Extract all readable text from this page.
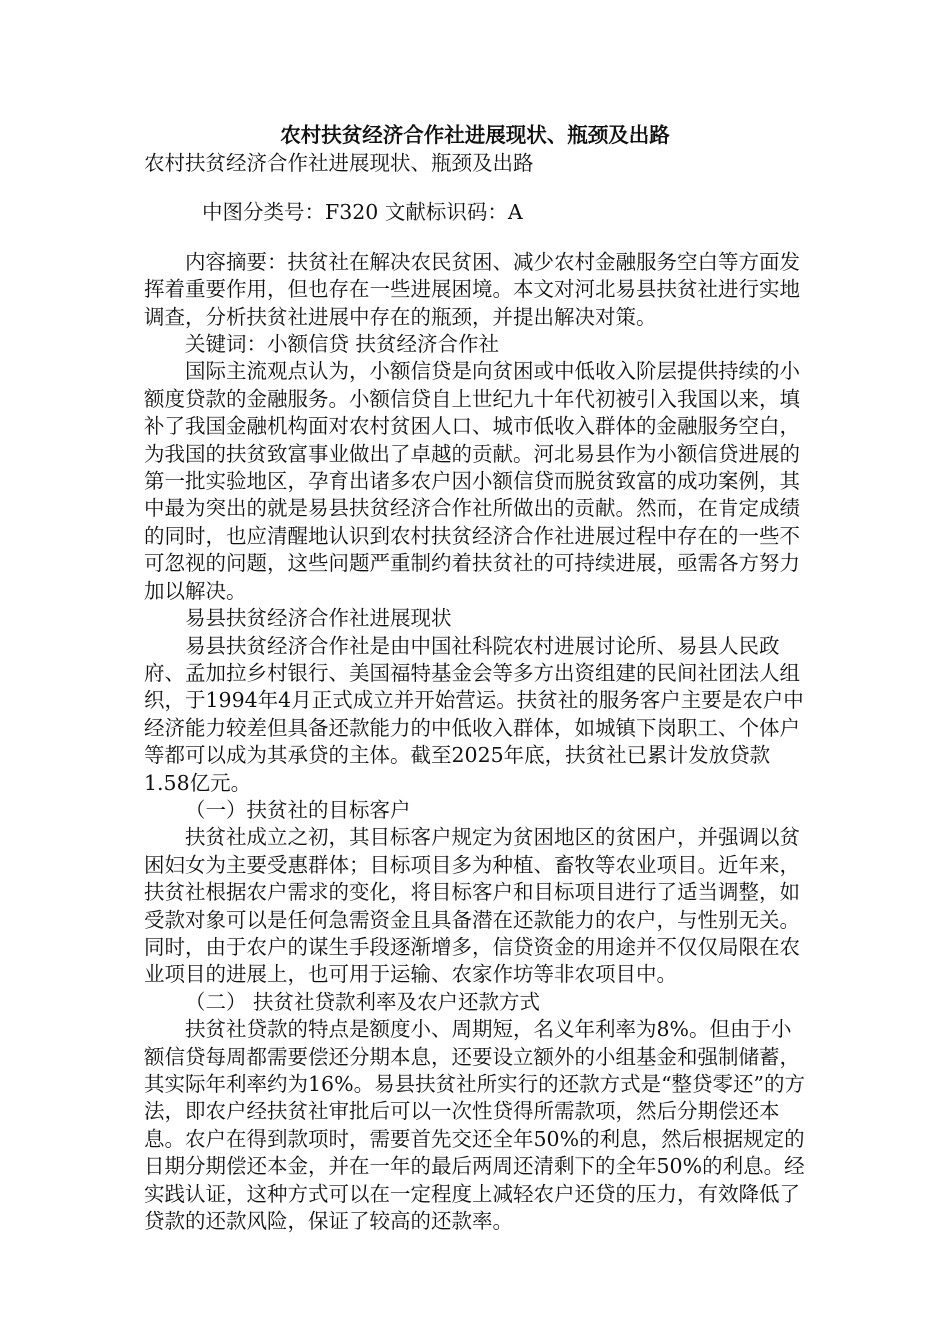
农村扶贫经济合作社进展现状、瓶颈及出路

农村扶贫经济合作社进展现状、瓶颈及出路

中图分类号：F320 文献标识码：A

内容摘要：扶贫社在解决农民贫困、减少农村金融服务空白等方面发挥着重要作用，但也存在一些进展困境。本文对河北易县扶贫社进行实地调查，分析扶贫社进展中存在的瓶颈，并提出解决对策。

关键词：小额信贷 扶贫经济合作社

国际主流观点认为，小额信贷是向贫困或中低收入阶层提供持续的小额度贷款的金融服务。小额信贷自上世纪九十年代初被引入我国以来，填补了我国金融机构面对农村贫困人口、城市低收入群体的金融服务空白，为我国的扶贫致富事业做出了卓越的贡献。河北易县作为小额信贷进展的第一批实验地区，孕育出诸多农户因小额信贷而脱贫致富的成功案例，其中最为突出的就是易县扶贫经济合作社所做出的贡献。然而，在肯定成绩的同时，也应清醒地认识到农村扶贫经济合作社进展过程中存在的一些不可忽视的问题，这些问题严重制约着扶贫社的可持续进展，亟需各方努力加以解决。

易县扶贫经济合作社进展现状

易县扶贫经济合作社是由中国社科院农村进展讨论所、易县人民政府、孟加拉乡村银行、美国福特基金会等多方出资组建的民间社团法人组织，于1994年4月正式成立并开始营运。扶贫社的服务客户主要是农户中经济能力较差但具备还款能力的中低收入群体，如城镇下岗职工、个体户等都可以成为其承贷的主体。截至2025年底，扶贫社已累计发放贷款1.58亿元。

（一）扶贫社的目标客户

扶贫社成立之初，其目标客户规定为贫困地区的贫困户，并强调以贫困妇女为主要受惠群体；目标项目多为种植、畜牧等农业项目。近年来，扶贫社根据农户需求的变化，将目标客户和目标项目进行了适当调整，如受款对象可以是任何急需资金且具备潜在还款能力的农户，与性别无关。同时，由于农户的谋生手段逐渐增多，信贷资金的用途并不仅仅局限在农业项目的进展上，也可用于运输、农家作坊等非农项目中。

（二） 扶贫社贷款利率及农户还款方式

扶贫社贷款的特点是额度小、周期短，名义年利率为8%。但由于小额信贷每周都需要偿还分期本息，还要设立额外的小组基金和强制储蓄，其实际年利率约为16%。易县扶贫社所实行的还款方式是“整贷零还”的方法，即农户经扶贫社审批后可以一次性贷得所需款项，然后分期偿还本息。农户在得到款项时，需要首先交还全年50%的利息，然后根据规定的日期分期偿还本金，并在一年的最后两周还清剩下的全年50%的利息。经实践认证，这种方式可以在一定程度上减轻农户还贷的压力，有效降低了贷款的还款风险，保证了较高的还款率。
